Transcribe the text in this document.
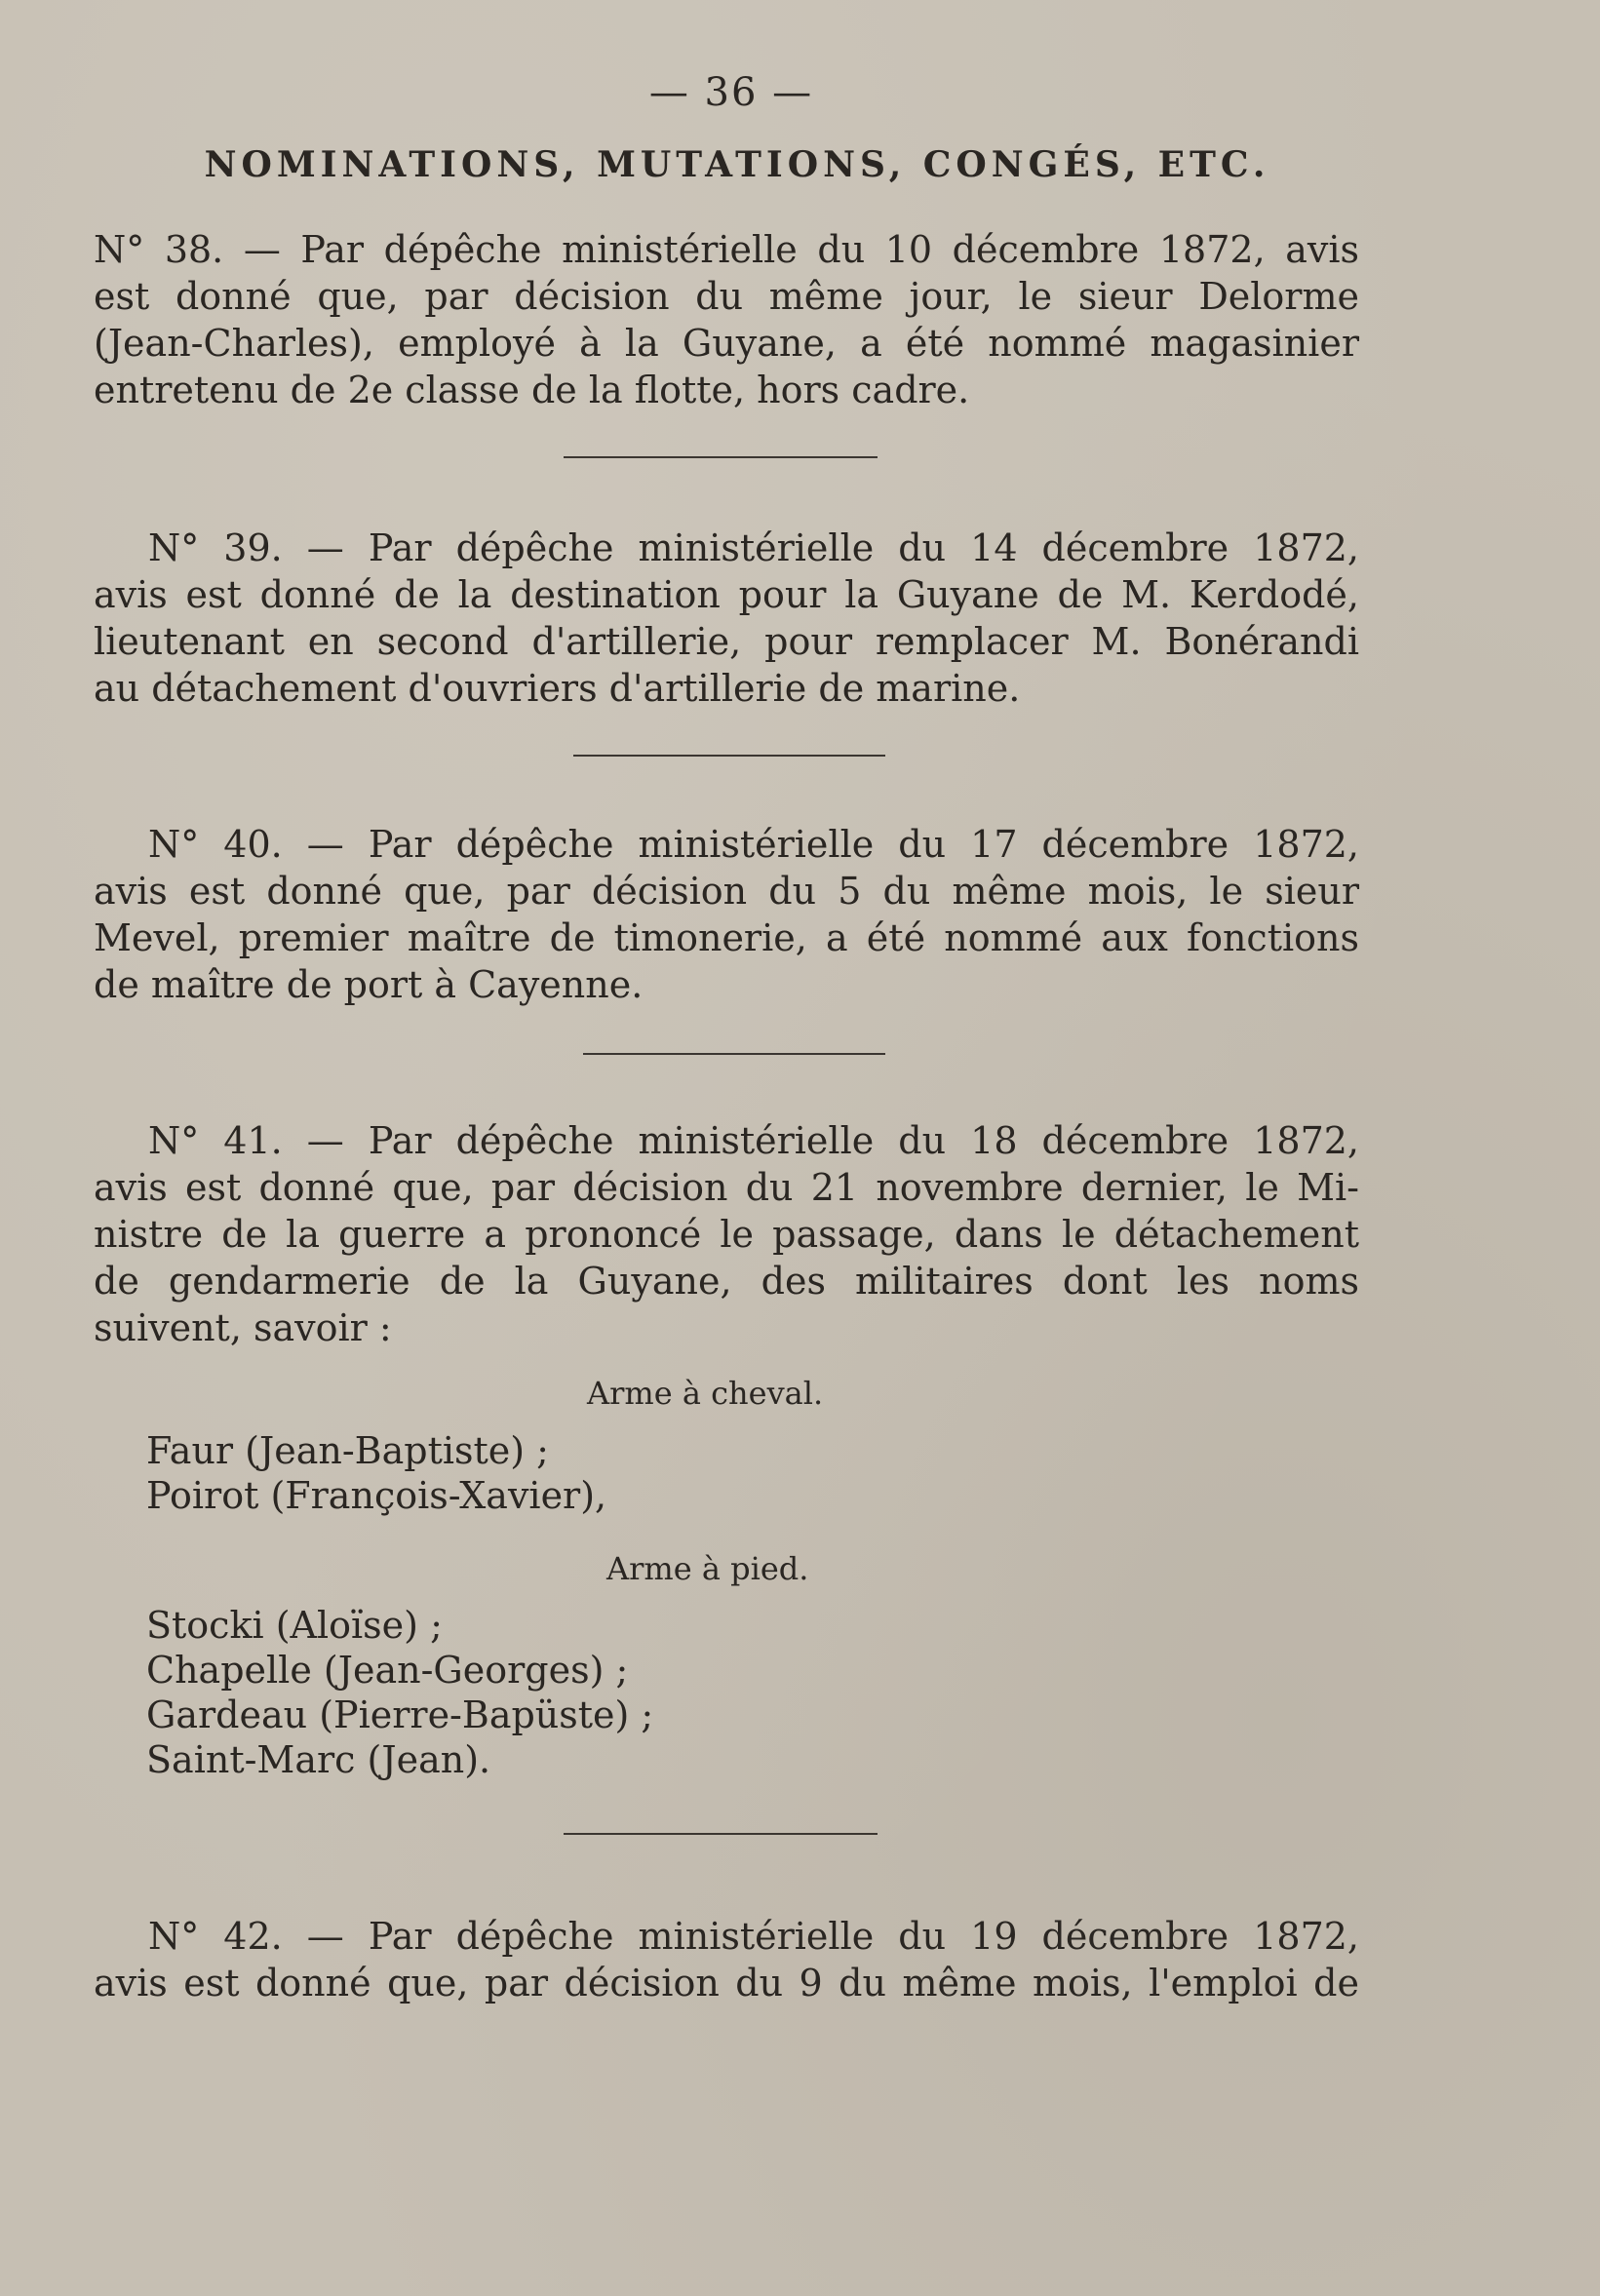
— 36 —
NOMINATIONS, MUTATIONS, CONGÉS, ETC.
N° 38. — Par dépêche ministérielle du 10 décembre 1872, avis
est donné que, par décision du même jour, le sieur Delorme
(Jean-Charles), employé à la Guyane, a été nommé magasinier
entretenu de 2e classe de la flotte, hors cadre.
N° 39. — Par dépêche ministérielle du 14 décembre 1872,
avis est donné de la destination pour la Guyane de M. Kerdodé,
lieutenant en second d'artillerie, pour remplacer M. Bonérandi
au détachement d'ouvriers d'artillerie de marine.
N° 40. — Par dépêche ministérielle du 17 décembre 1872,
avis est donné que, par décision du 5 du même mois, le sieur
Mevel, premier maître de timonerie, a été nommé aux fonctions
de maître de port à Cayenne.
N° 41. — Par dépêche ministérielle du 18 décembre 1872,
avis est donné que, par décision du 21 novembre dernier, le Mi-
nistre de la guerre a prononcé le passage, dans le détachement
de gendarmerie de la Guyane, des militaires dont les noms
suivent, savoir :
Arme à cheval.
Faur (Jean-Baptiste) ;
Poirot (François-Xavier),
Arme à pied.
Stocki (Aloïse) ;
Chapelle (Jean-Georges) ;
Gardeau (Pierre-Bapüste) ;
Saint-Marc (Jean).
N° 42. — Par dépêche ministérielle du 19 décembre 1872,
avis est donné que, par décision du 9 du même mois, l'emploi de
